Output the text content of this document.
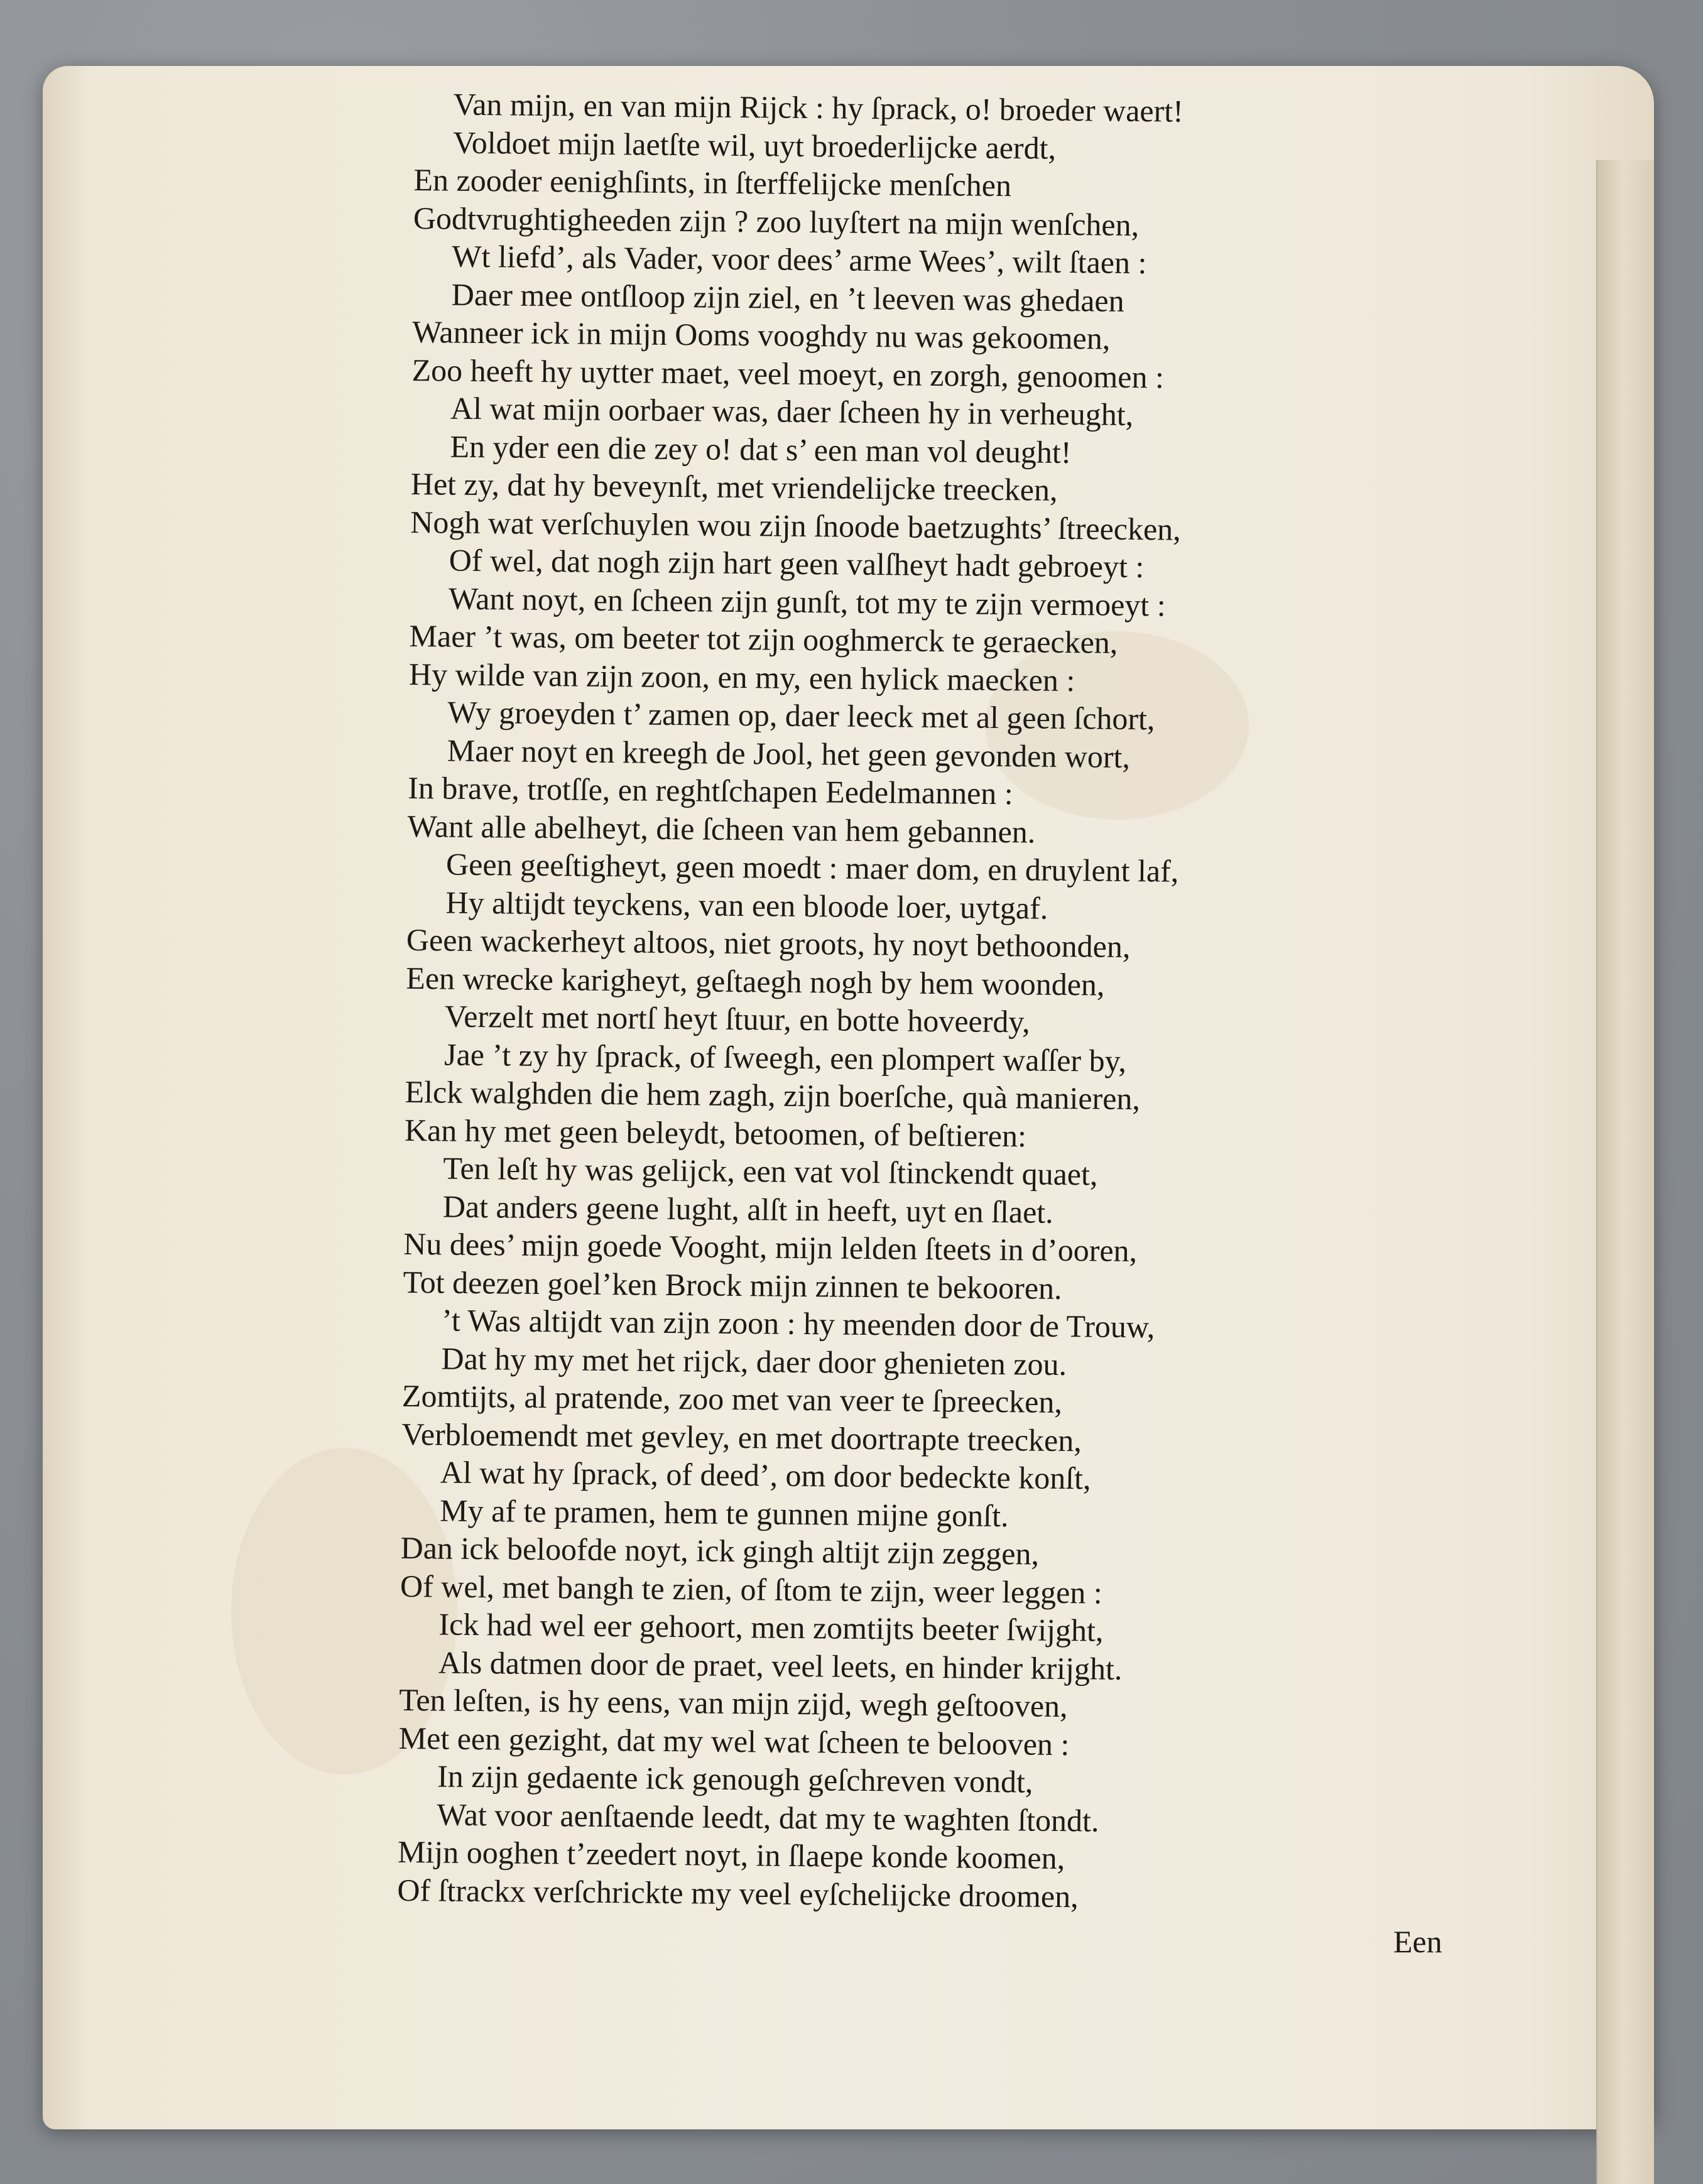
Van mijn, en van mijn Rijck : hy ſprack, o! broeder waert!
Voldoet mijn laetſte wil, uyt broederlijcke aerdt,
En zooder eenighſints, in ſterffelijcke menſchen
Godtvrughtigheeden zijn ? zoo luyſtert na mijn wenſchen,
Wt liefd’, als Vader, voor dees’ arme Wees’, wilt ſtaen :
Daer mee ontſloop zijn ziel, en ’t leeven was ghedaen
Wanneer ick in mijn Ooms vooghdy nu was gekoomen,
Zoo heeft hy uytter maet, veel moeyt, en zorgh, genoomen :
Al wat mijn oorbaer was, daer ſcheen hy in verheught,
En yder een die zey o! dat s’ een man vol deught!
Het zy, dat hy beveynſt, met vriendelijcke treecken,
Nogh wat verſchuylen wou zijn ſnoode baetzughts’ ſtreecken,
Of wel, dat nogh zijn hart geen valſheyt hadt gebroeyt :
Want noyt, en ſcheen zijn gunſt, tot my te zijn vermoeyt :
Maer ’t was, om beeter tot zijn ooghmerck te geraecken,
Hy wilde van zijn zoon, en my, een hylick maecken :
Wy groeyden t’ zamen op, daer leeck met al geen ſchort,
Maer noyt en kreegh de Jool, het geen gevonden wort,
In brave, trotſſe, en reghtſchapen Eedelmannen :
Want alle abelheyt, die ſcheen van hem gebannen.
Geen geeſtigheyt, geen moedt : maer dom, en druylent laf,
Hy altijdt teyckens, van een bloode loer, uytgaf.
Geen wackerheyt altoos, niet groots, hy noyt bethoonden,
Een wrecke karigheyt, geſtaegh nogh by hem woonden,
Verzelt met nortſ heyt ſtuur, en botte hoveerdy,
Jae ’t zy hy ſprack, of ſweegh, een plompert waſſer by,
Elck walghden die hem zagh, zijn boerſche, quà manieren,
Kan hy met geen beleydt, betoomen, of beſtieren:
Ten leſt hy was gelijck, een vat vol ſtinckendt quaet,
Dat anders geene lught, alſt in heeft, uyt en ſlaet.
Nu dees’ mijn goede Vooght, mijn lelden ſteets in d’ooren,
Tot deezen goel’ken Brock mijn zinnen te bekooren.
’t Was altijdt van zijn zoon : hy meenden door de Trouw,
Dat hy my met het rijck, daer door ghenieten zou.
Zomtijts, al pratende, zoo met van veer te ſpreecken,
Verbloemendt met gevley, en met doortrapte treecken,
Al wat hy ſprack, of deed’, om door bedeckte konſt,
My af te pramen, hem te gunnen mijne gonſt.
Dan ick beloofde noyt, ick gingh altijt zijn zeggen,
Of wel, met bangh te zien, of ſtom te zijn, weer leggen :
Ick had wel eer gehoort, men zomtijts beeter ſwijght,
Als datmen door de praet, veel leets, en hinder krijght.
Ten leſten, is hy eens, van mijn zijd, wegh geſtooven,
Met een gezight, dat my wel wat ſcheen te belooven :
In zijn gedaente ick genough geſchreven vondt,
Wat voor aenſtaende leedt, dat my te waghten ſtondt.
Mijn ooghen t’zeedert noyt, in ſlaepe konde koomen,
Of ſtrackx verſchrickte my veel eyſchelijcke droomen,
Een
